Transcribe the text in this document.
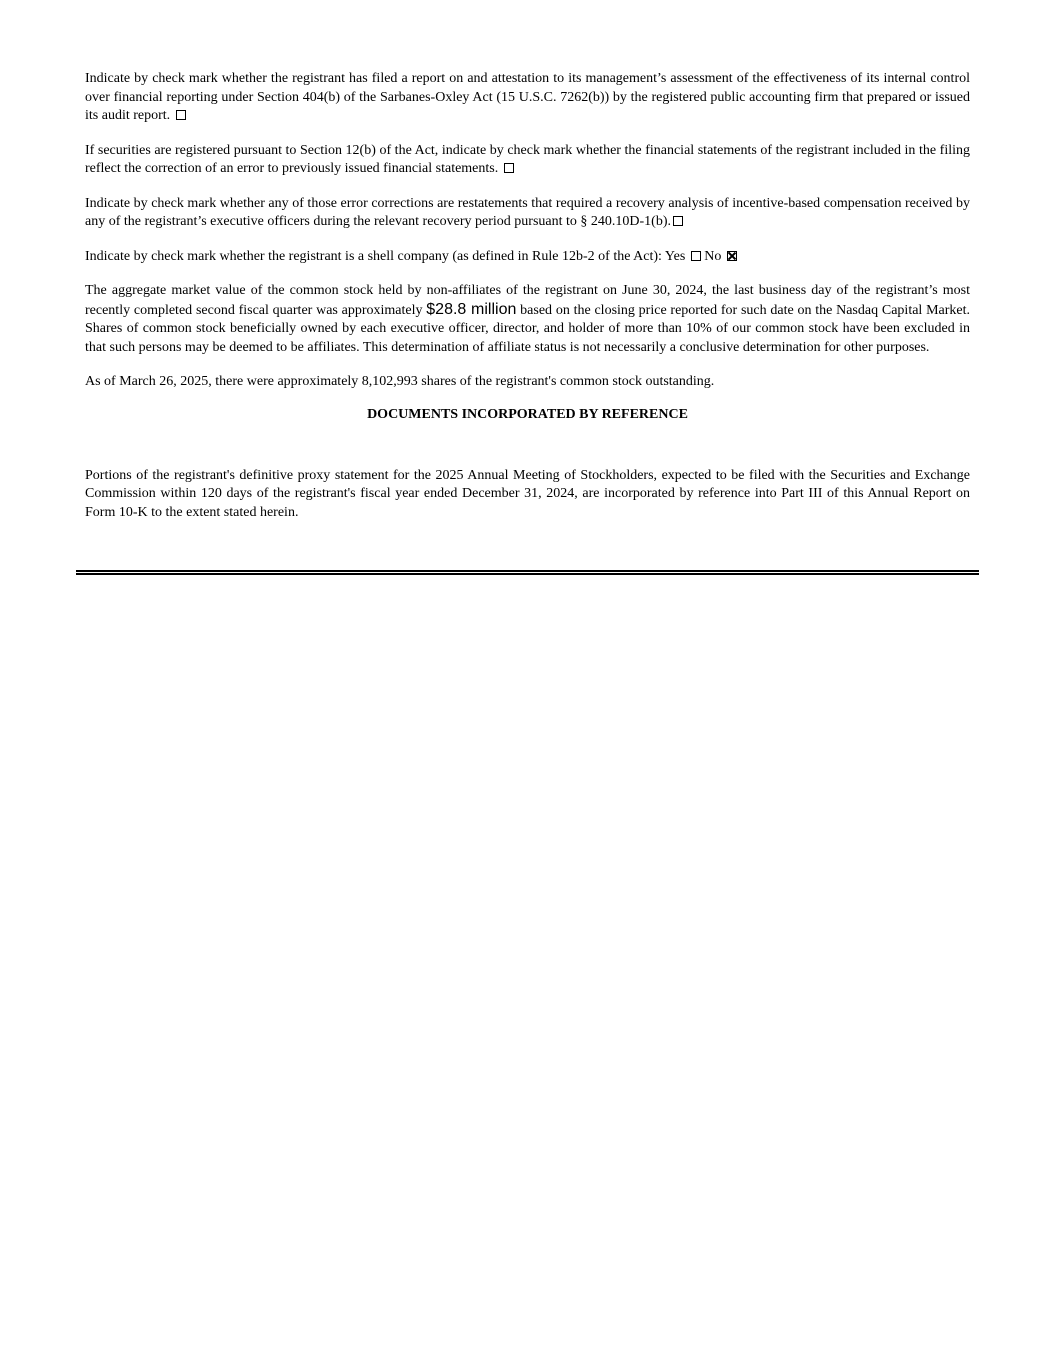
Indicate by check mark whether the registrant has filed a report on and attestation to its management’s assessment of the effectiveness of its internal control over financial reporting under Section 404(b) of the Sarbanes-Oxley Act (15 U.S.C. 7262(b)) by the registered public accounting firm that prepared or issued its audit report.

If securities are registered pursuant to Section 12(b) of the Act, indicate by check mark whether the financial statements of the registrant included in the filing reflect the correction of an error to previously issued financial statements.

Indicate by check mark whether any of those error corrections are restatements that required a recovery analysis of incentive-based compensation received by any of the registrant’s executive officers during the relevant recovery period pursuant to § 240.10D-1(b).

Indicate by check mark whether the registrant is a shell company (as defined in Rule 12b-2 of the Act): Yes No

The aggregate market value of the common stock held by non-affiliates of the registrant on June 30, 2024, the last business day of the registrant’s most recently completed second fiscal quarter was approximately $28.8 million based on the closing price reported for such date on the Nasdaq Capital Market. Shares of common stock beneficially owned by each executive officer, director, and holder of more than 10% of our common stock have been excluded in that such persons may be deemed to be affiliates. This determination of affiliate status is not necessarily a conclusive determination for other purposes.

As of March 26, 2025, there were approximately 8,102,993 shares of the registrant's common stock outstanding.

DOCUMENTS INCORPORATED BY REFERENCE

Portions of the registrant's definitive proxy statement for the 2025 Annual Meeting of Stockholders, expected to be filed with the Securities and Exchange Commission within 120 days of the registrant's fiscal year ended December 31, 2024, are incorporated by reference into Part III of this Annual Report on Form 10-K to the extent stated herein.
